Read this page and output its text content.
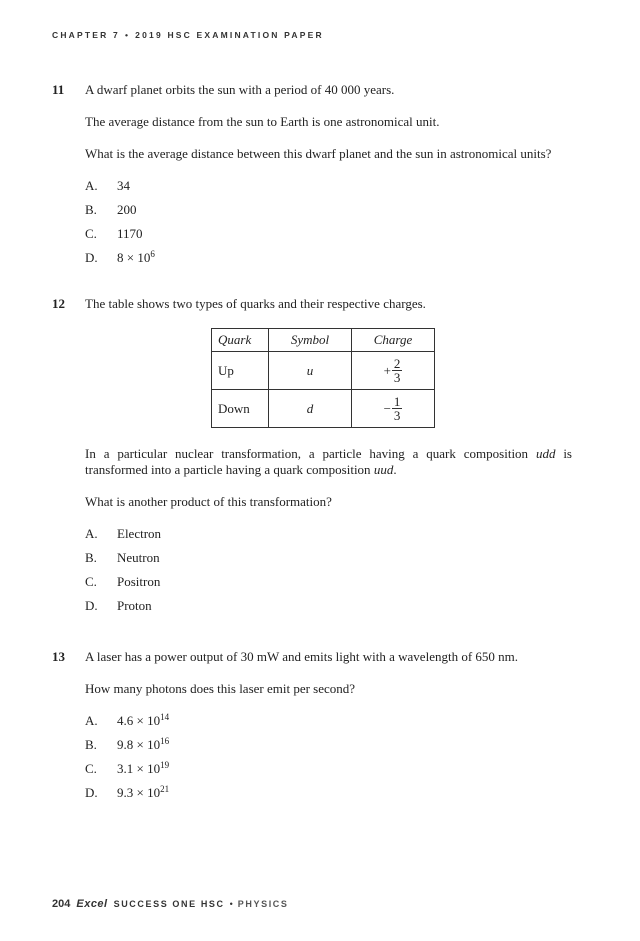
CHAPTER 7 • 2019 HSC EXAMINATION PAPER
11 A dwarf planet orbits the sun with a period of 40 000 years.

The average distance from the sun to Earth is one astronomical unit.

What is the average distance between this dwarf planet and the sun in astronomical units?

A.	34
B.	200
C.	1170
D.	$8 \times 10^6$
12 The table shows two types of quarks and their respective charges.

Quark	Symbol	Charge
Up	u	+ $\frac{2}{3}$

Down	d	− $\frac{1}{3}$

In a particular nuclear transformation, a particle having a quark composition udd is transformed into a particle having a quark composition uud.

What is another product of this transformation?

A.	Electron
B.	Neutron
C.	Positron
D.	Proton
13 A laser has a power output of 30 mW and emits light with a wavelength of 650 nm.

How many photons does this laser emit per second?

A.	$4.6 \times 10^{14}$
B.	$9.8 \times 10^{16}$
C.	$3.1 \times 10^{19}$
D.	$9.3 \times 10^{21}$
204 Excel SUCCESS ONE HSC • PHYSICS
